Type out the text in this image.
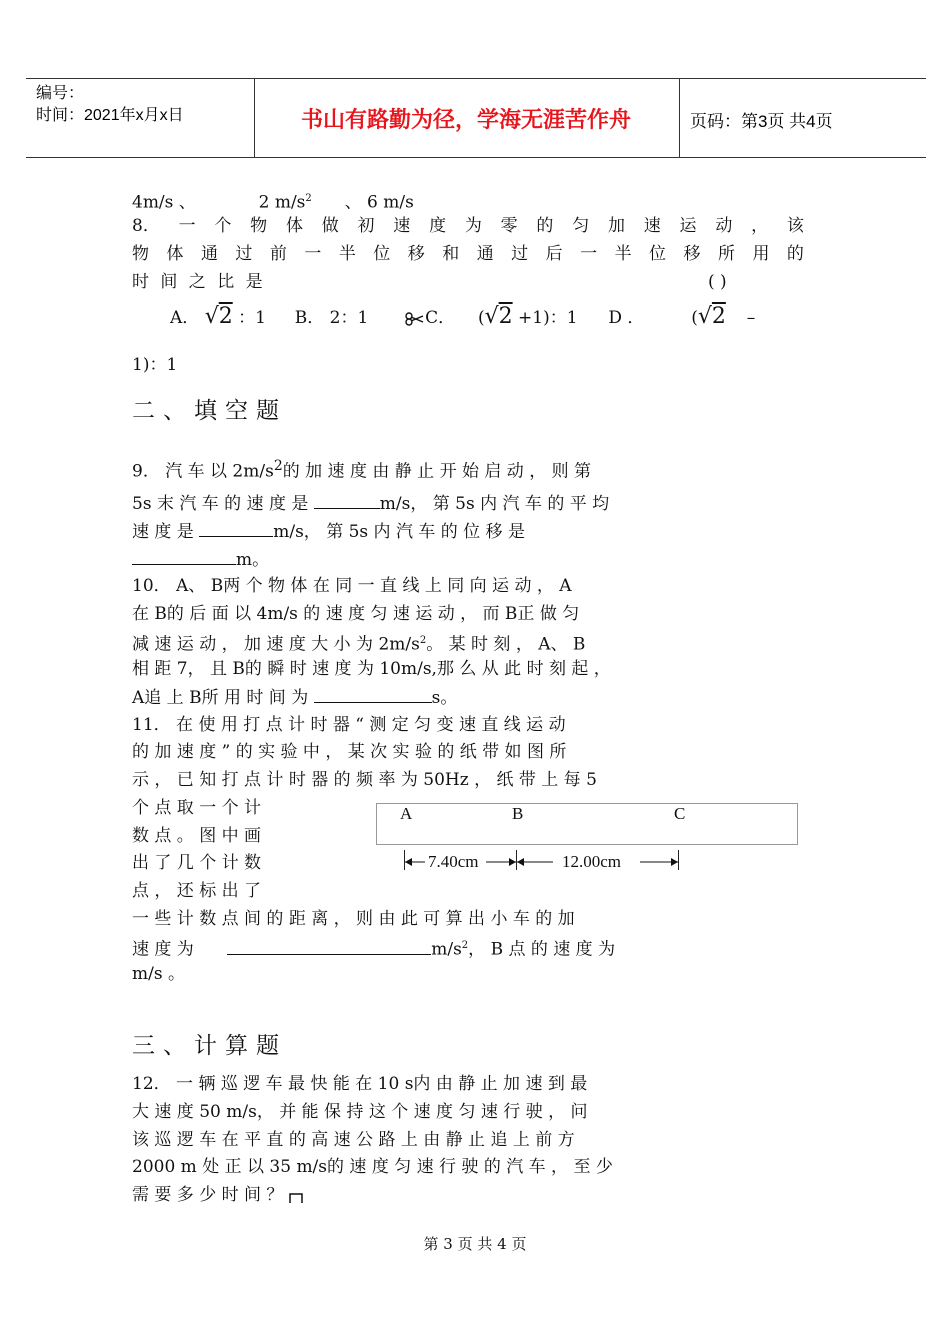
编号：
时间：2021年x月x日	书山有路勤为径，学海无涯苦作舟	页码：第3页 共4页
4m/s 、	2 $m/s^2$ 、 6 m/s
8． 一 个 物 体 做 初 速 度 为 零 的 匀 加 速 运 动 ， 该
物 体 通 过 前 一 半 位 移 和 通 过 后 一 半 位 移 所 用 的
时 间 之 比 是	( )
A． √2 ：1 B． 2：1	C． (√2 +1)：1 D ．	(√2 –
1)：1
二、填空题
9． 汽 车 以 $2m/s^2$的 加 速 度 由 静 止 开 始 启 动 ， 则 第
5s 末 汽 车 的 速 度 是	m/s， 第 5s 内 汽 车 的 平 均
速 度 是	m/s， 第 5s 内 汽 车 的 位 移 是
m。
10． A、 B两 个 物 体 在 同 一 直 线 上 同 向 运 动 ， A
在 B的 后 面 以 4m/s 的 速 度 匀 速 运 动 ， 而 B正 做 匀
减 速 运 动 ， 加 速 度 大 小 为 $2m/s^2$。 某 时 刻 ， A、 B
相 距 7， 且 B的 瞬 时 速 度 为 10m/s,那 么 从 此 时 刻 起 ，
A追 上 B所 用 时 间 为	s。
11． 在 使 用 打 点 计 时 器 “ 测 定 匀 变 速 直 线 运 动
的 加 速 度 ” 的 实 验 中 ， 某 次 实 验 的 纸 带 如 图 所
示 ， 已 知 打 点 计 时 器 的 频 率 为 50Hz ， 纸 带 上 每 5
个 点 取 一 个 计
数 点 。 图 中 画
出 了 几 个 计 数
点 ， 还 标 出 了
一 些 计 数 点 间 的 距 离 ， 则 由 此 可 算 出 小 车 的 加
速 度 为	$m/s^2$， B 点 的 速 度 为
m/s 。
A	B	C
7.40cm	12.00cm
三、计算题
12． 一 辆 巡 逻 车 最 快 能 在 10 s内 由 静 止 加 速 到 最
大 速 度 50 m/s， 并 能 保 持 这 个 速 度 匀 速 行 驶 ， 问
该 巡 逻 车 在 平 直 的 高 速 公 路 上 由 静 止 追 上 前 方
2000 m 处 正 以 35 m/s的 速 度 匀 速 行 驶 的 汽 车 ， 至 少
需 要 多 少 时 间 ？
第 3 页 共 4 页
